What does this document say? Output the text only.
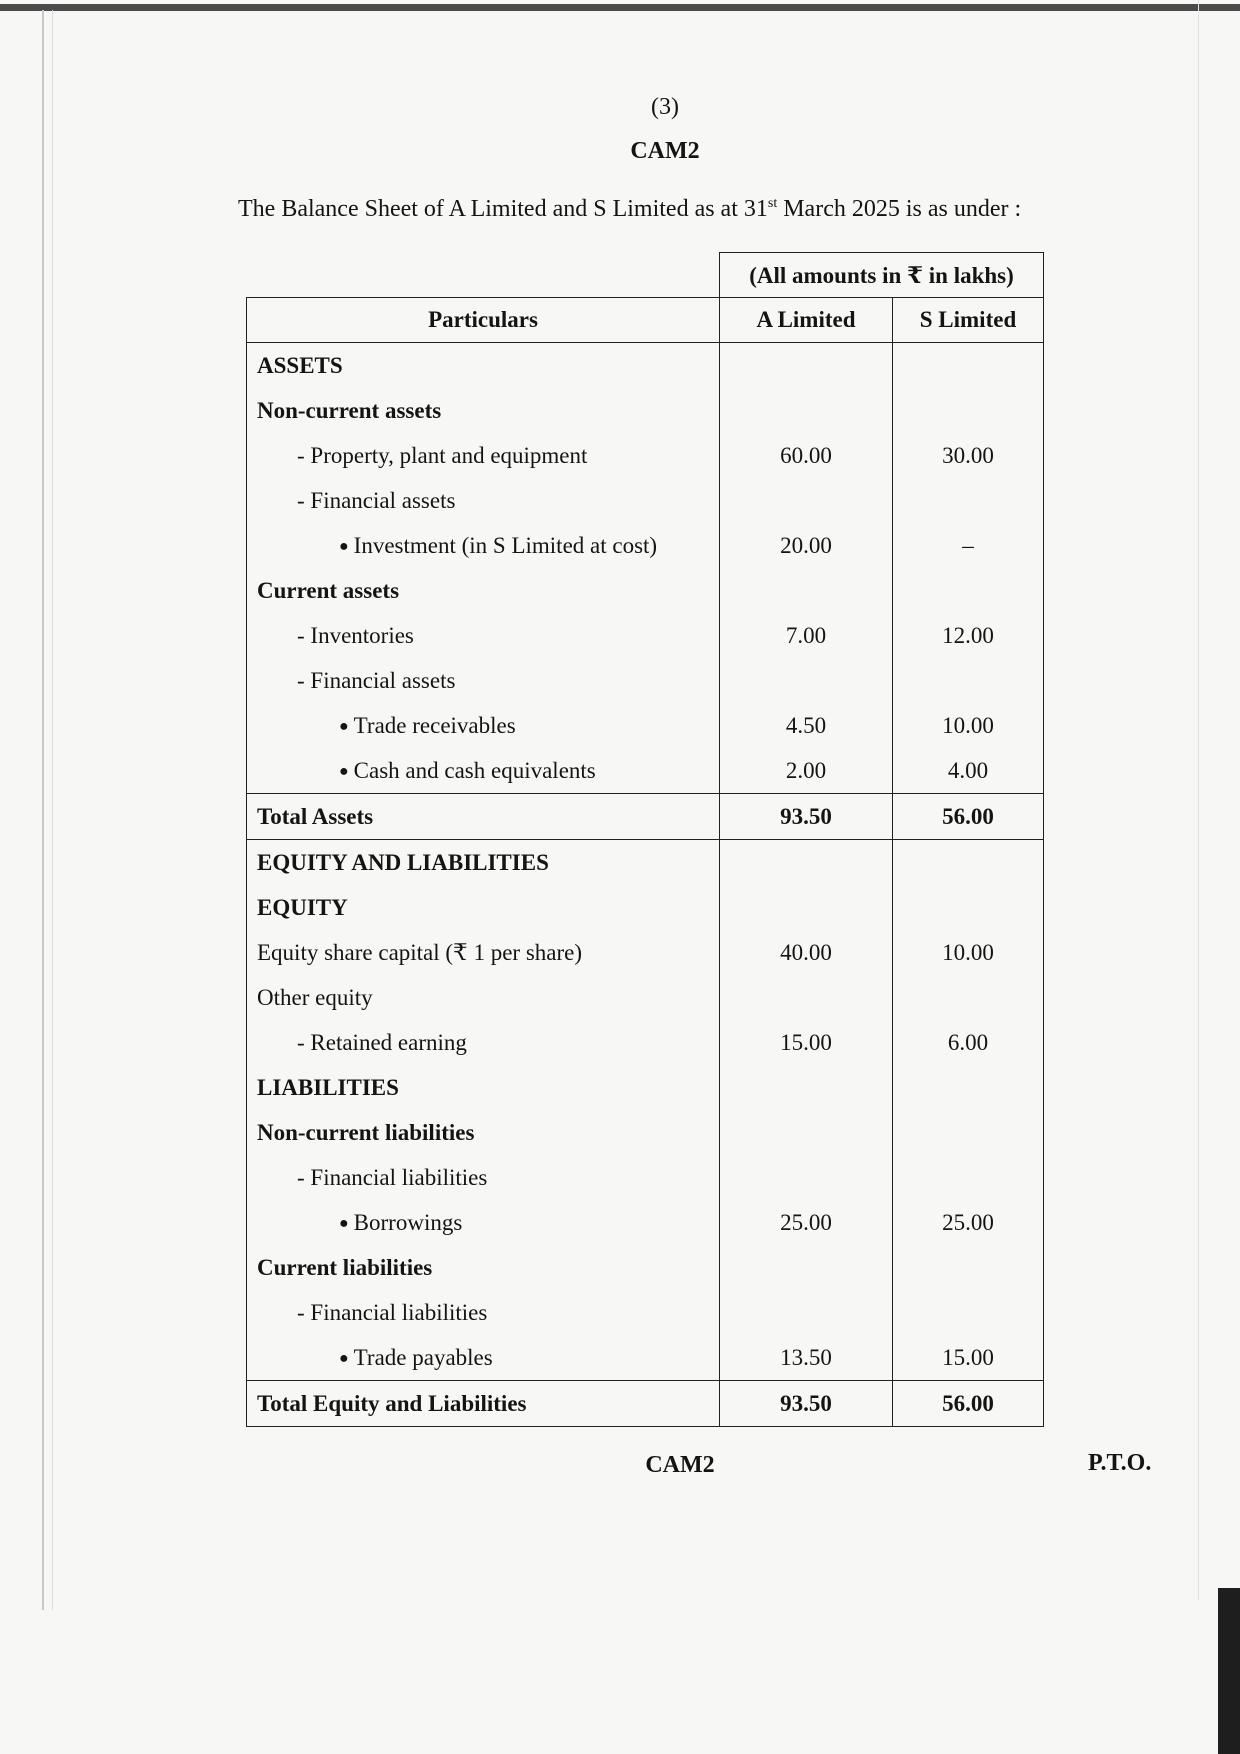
(3)
CAM2
The Balance Sheet of A Limited and S Limited as at 31st March 2025 is as under :
	(All amounts in ₹ in lakhs)	
Particulars	A Limited	S Limited
ASSETS		
Non-current assets		
- Property, plant and equipment	60.00	30.00
- Financial assets		
● Investment (in S Limited at cost)	20.00	–
Current assets		
- Inventories	7.00	12.00
- Financial assets		
● Trade receivables	4.50	10.00
● Cash and cash equivalents	2.00	4.00
Total Assets	93.50	56.00
EQUITY AND LIABILITIES		
EQUITY		
Equity share capital (₹ 1 per share)	40.00	10.00
Other equity		
- Retained earning	15.00	6.00
LIABILITIES		
Non-current liabilities		
- Financial liabilities		
● Borrowings	25.00	25.00
Current liabilities		
- Financial liabilities		
● Trade payables	13.50	15.00
Total Equity and Liabilities	93.50	56.00
CAM2	P.T.O.
